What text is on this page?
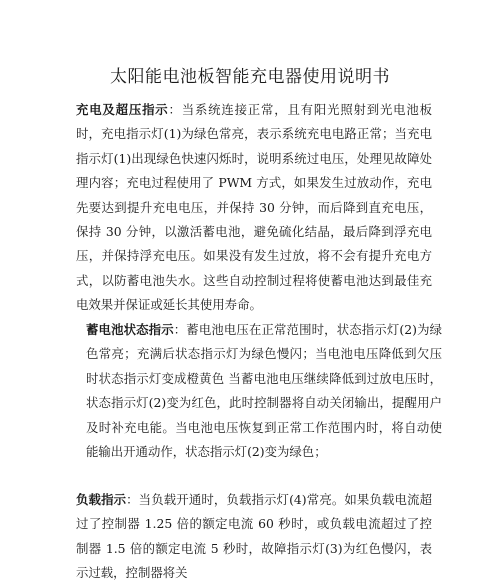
太阳能电池板智能充电器使用说明书

充电及超压指示：当系统连接正常，且有阳光照射到光电池板时，充电指示灯(1)为绿色常亮，表示系统充电电路正常；当充电指示灯(1)出现绿色快速闪烁时，说明系统过电压，处理见故障处理内容；充电过程使用了 PWM 方式，如果发生过放动作，充电先要达到提升充电电压，并保持 30 分钟，而后降到直充电压，保持 30 分钟，以激活蓄电池，避免硫化结晶，最后降到浮充电压，并保持浮充电压。如果没有发生过放，将不会有提升充电方式，以防蓄电池失水。这些自动控制过程将使蓄电池达到最佳充电效果并保证或延长其使用寿命。

蓄电池状态指示：蓄电池电压在正常范围时，状态指示灯(2)为绿色常亮；充满后状态指示灯为绿色慢闪；当电池电压降低到欠压时状态指示灯变成橙黄色 当蓄电池电压继续降低到过放电压时，状态指示灯(2)变为红色，此时控制器将自动关闭输出，提醒用户及时补充电能。当电池电压恢复到正常工作范围内时，将自动使能输出开通动作，状态指示灯(2)变为绿色；

负载指示：当负载开通时，负载指示灯(4)常亮。如果负载电流超过了控制器 1.25 倍的额定电流 60 秒时，或负载电流超过了控制器 1.5 倍的额定电流 5 秒时，故障指示灯(3)为红色慢闪，表示过载，控制器将关
